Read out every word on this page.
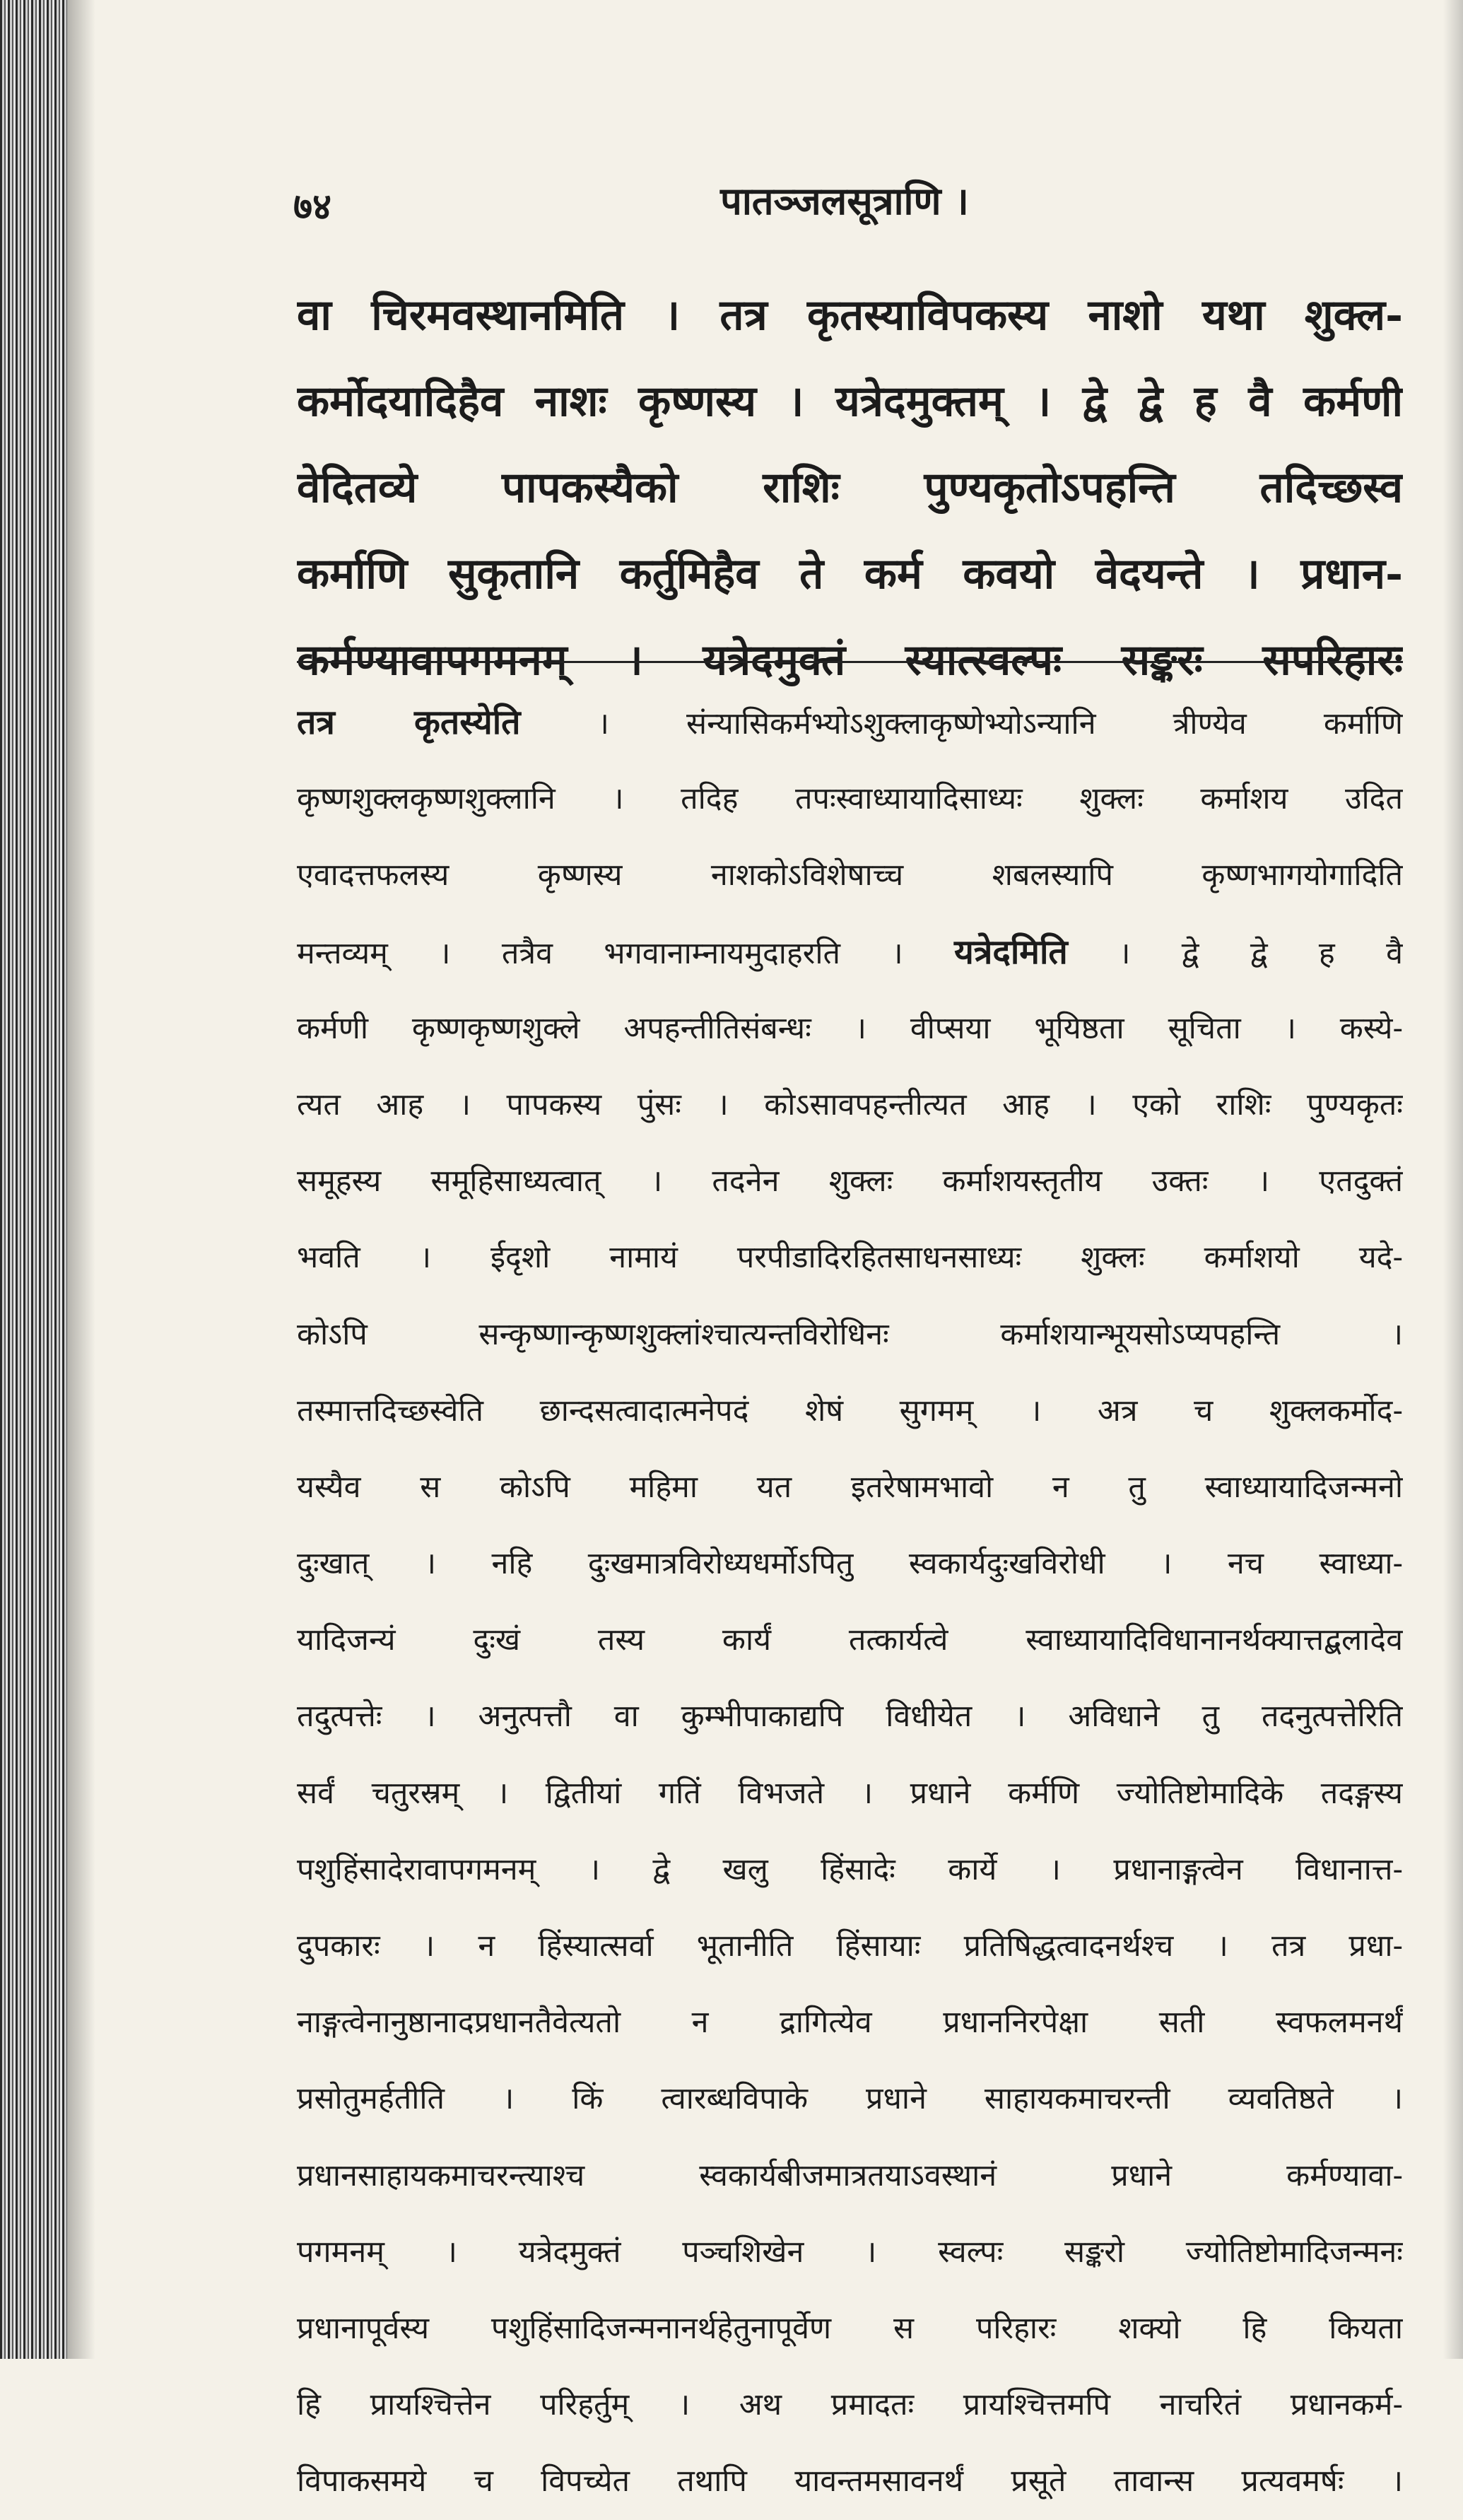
७४	पातञ्जलसूत्राणि ।
वा चिरमवस्थानमिति । तत्र कृतस्याविपकस्य नाशो यथा शुक्ल-
कर्मोदयादिहैव नाशः कृष्णस्य । यत्रेदमुक्तम् । द्वे द्वे ह वै कर्मणी
वेदितव्ये पापकस्यैको राशिः पुण्यकृतोऽपहन्ति तदिच्छस्व
कर्माणि सुकृतानि कर्तुमिहैव ते कर्म कवयो वेदयन्ते । प्रधान-
कर्मण्यावापगमनम् । यत्रेदमुक्तं स्यात्स्वल्पः सङ्करः सपरिहारः
तत्र कृतस्येति । संन्यासिकर्मभ्योऽशुक्लाकृष्णेभ्योऽन्यानि त्रीण्येव कर्माणि
कृष्णशुक्लकृष्णशुक्लानि । तदिह तपःस्वाध्यायादिसाध्यः शुक्लः कर्माशय उदित
एवादत्तफलस्य कृष्णस्य नाशकोऽविशेषाच्च शबलस्यापि कृष्णभागयोगादिति
मन्तव्यम् । तत्रैव भगवानाम्नायमुदाहरति । यत्रेदमिति । द्वे द्वे ह वै
कर्मणी कृष्णकृष्णशुक्ले अपहन्तीतिसंबन्धः । वीप्सया भूयिष्ठता सूचिता । कस्ये-
त्यत आह । पापकस्य पुंसः । कोऽसावपहन्तीत्यत आह । एको राशिः पुण्यकृतः
समूहस्य समूहिसाध्यत्वात् । तदनेन शुक्लः कर्माशयस्तृतीय उक्तः । एतदुक्तं
भवति । ईदृशो नामायं परपीडादिरहितसाधनसाध्यः शुक्लः कर्माशयो यदे-
कोऽपि सन्कृष्णान्कृष्णशुक्लांश्चात्यन्तविरोधिनः कर्माशयान्भूयसोऽप्यपहन्ति ।
तस्मात्तदिच्छस्वेति छान्दसत्वादात्मनेपदं शेषं सुगमम् । अत्र च शुक्लकर्मोद-
यस्यैव स कोऽपि महिमा यत इतरेषामभावो न तु स्वाध्यायादिजन्मनो
दुःखात् । नहि दुःखमात्रविरोध्यधर्मोऽपितु स्वकार्यदुःखविरोधी । नच स्वाध्या-
यादिजन्यं दुःखं तस्य कार्यं तत्कार्यत्वे स्वाध्यायादिविधानानर्थक्यात्तद्बलादेव
तदुत्पत्तेः । अनुत्पत्तौ वा कुम्भीपाकाद्यपि विधीयेत । अविधाने तु तदनुत्पत्तेरिति
सर्वं चतुरस्रम् । द्वितीयां गतिं विभजते । प्रधाने कर्मणि ज्योतिष्टोमादिके तदङ्गस्य
पशुहिंसादेरावापगमनम् । द्वे खलु हिंसादेः कार्ये । प्रधानाङ्गत्वेन विधानात्त-
दुपकारः । न हिंस्यात्सर्वा भूतानीति हिंसायाः प्रतिषिद्धत्वादनर्थश्च । तत्र प्रधा-
नाङ्गत्वेनानुष्ठानादप्रधानतैवेत्यतो न द्रागित्येव प्रधाननिरपेक्षा सती स्वफलमनर्थं
प्रसोतुमर्हतीति । किं त्वारब्धविपाके प्रधाने साहायकमाचरन्ती व्यवतिष्ठते ।
प्रधानसाहायकमाचरन्त्याश्च स्वकार्यबीजमात्रतयाऽवस्थानं प्रधाने कर्मण्यावा-
पगमनम् । यत्रेदमुक्तं पञ्चशिखेन । स्वल्पः सङ्करो ज्योतिष्टोमादिजन्मनः
प्रधानापूर्वस्य पशुहिंसादिजन्मनानर्थहेतुनापूर्वेण स परिहारः शक्यो हि कियता
हि प्रायश्चित्तेन परिहर्तुम् । अथ प्रमादतः प्रायश्चित्तमपि नाचरितं प्रधानकर्म-
विपाकसमये च विपच्येत तथापि यावन्तमसावनर्थं प्रसूते तावान्स प्रत्यवमर्षः ।
